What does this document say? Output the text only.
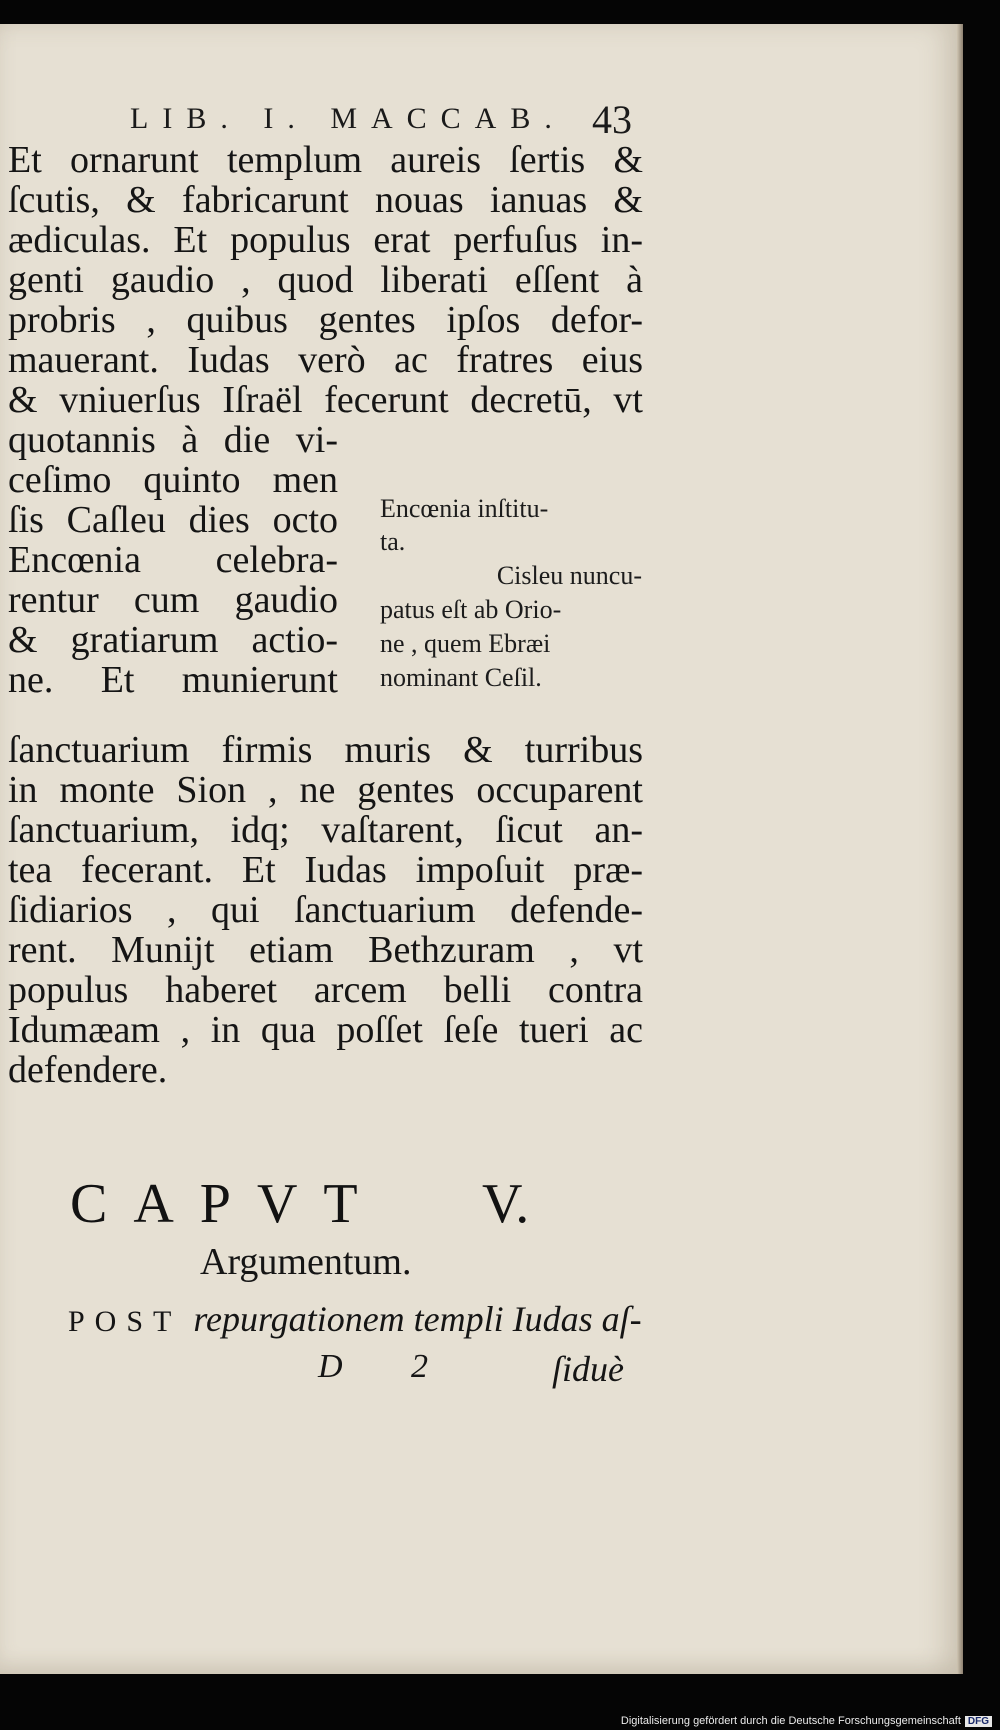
LIB. I. MACCAB. 43
Et ornarunt templum aureis ſertis &
ſcutis, & fabricarunt nouas ianuas &
ædiculas. Et populus erat perfuſus in-
genti gaudio , quod liberati eſſent à
probris , quibus gentes ipſos defor-
mauerant. Iudas verò ac fratres eius
& vniuerſus Iſraël fecerunt decretū, vt
quotannis à die vi-
ceſimo quinto men
ſis Caſleu dies octo
Encœnia celebra-
rentur cum gaudio
& gratiarum actio-
ne. Et munierunt
ſanctuarium firmis muris & turribus
in monte Sion , ne gentes occuparent
ſanctuarium, idq; vaſtarent, ſicut an-
tea fecerant. Et Iudas impoſuit præ-
ſidiarios , qui ſanctuarium defende-
rent. Munijt etiam Bethzuram , vt
populus haberet arcem belli contra
Idumæam , in qua poſſet ſeſe tueri ac
defendere.
Encœnia inſtitu-
ta.
Cisleu nuncu-
patus eſt ab Orio-
ne , quem Ebræi
nominant Ceſil.
CAPVT V.
Argumentum.
POST repurgationem templi Iudas aſ-
D 2	ſiduè
Digitalisierung gefördert durch die Deutsche Forschungsgemeinschaft DFG
